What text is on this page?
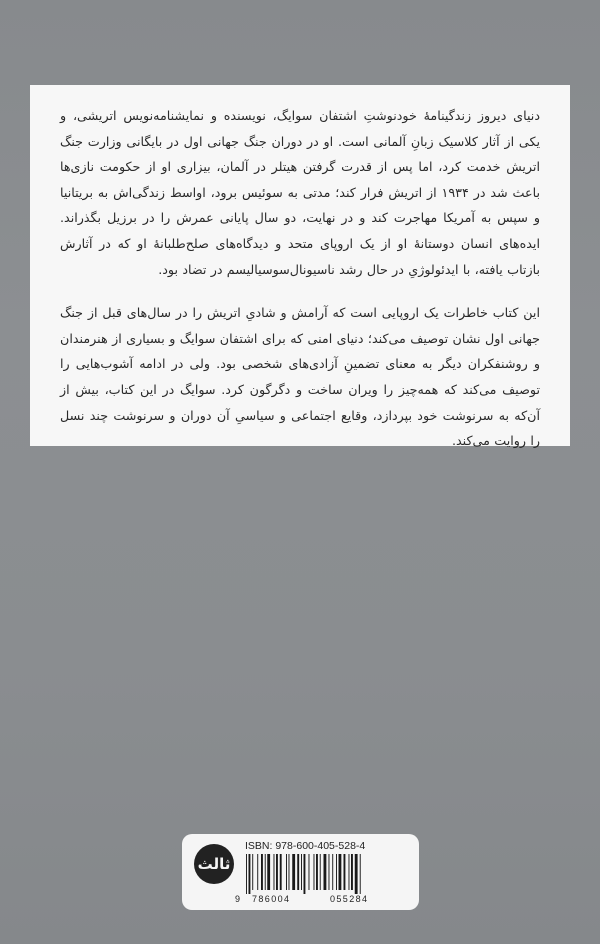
دنیای دیروز زندگینامهٔ خودنوشتِ اشتفان سوایگ، نویسنده و نمایشنامه‌نویس اتریشی، و یکی از آثار کلاسیک زبانِ آلمانی است. او در دوران جنگ جهانی اول در بایگانی وزارت جنگ اتریش خدمت کرد، اما پس از قدرت گرفتن هیتلر در آلمان، بیزاری او از حکومت نازی‌ها باعث شد در ۱۹۳۴ از اتریش فرار کند؛ مدتی به سوئیس برود، اواسط زندگی‌اش به بریتانیا و سپس به آمریکا مهاجرت کند و در نهایت، دو سال پایانی عمرش را در برزیل بگذراند. ایده‌های انسان دوستانهٔ او از یک اروپای متحد و دیدگاه‌های صلح‌طلبانهٔ او که در آثارش بازتاب یافته، با ایدئولوژیِ در حال رشد ناسیونال‌سوسیالیسم در تضاد بود.

این کتاب خاطرات یک اروپایی است که آرامش و شادیِ اتریش را در سال‌های قبل از جنگ جهانی اول نشان توصیف می‌کند؛ دنیای امنی که برای اشتفان سوایگ و بسیاری از هنرمندان و روشنفکران دیگر به معنای تضمینِ آزادی‌های شخصی بود. ولی در ادامه آشوب‌هایی را توصیف می‌کند که همه‌چیز را ویران ساخت و دگرگون کرد. سوایگ در این کتاب، بیش از آن‌که به سرنوشت خود بپردازد، وقایع اجتماعی و سیاسیِ آن دوران و سرنوشت چند نسل را روایت می‌کند.

ثالث
ISBN: 978-600-405-528-4
9 786004	055284
